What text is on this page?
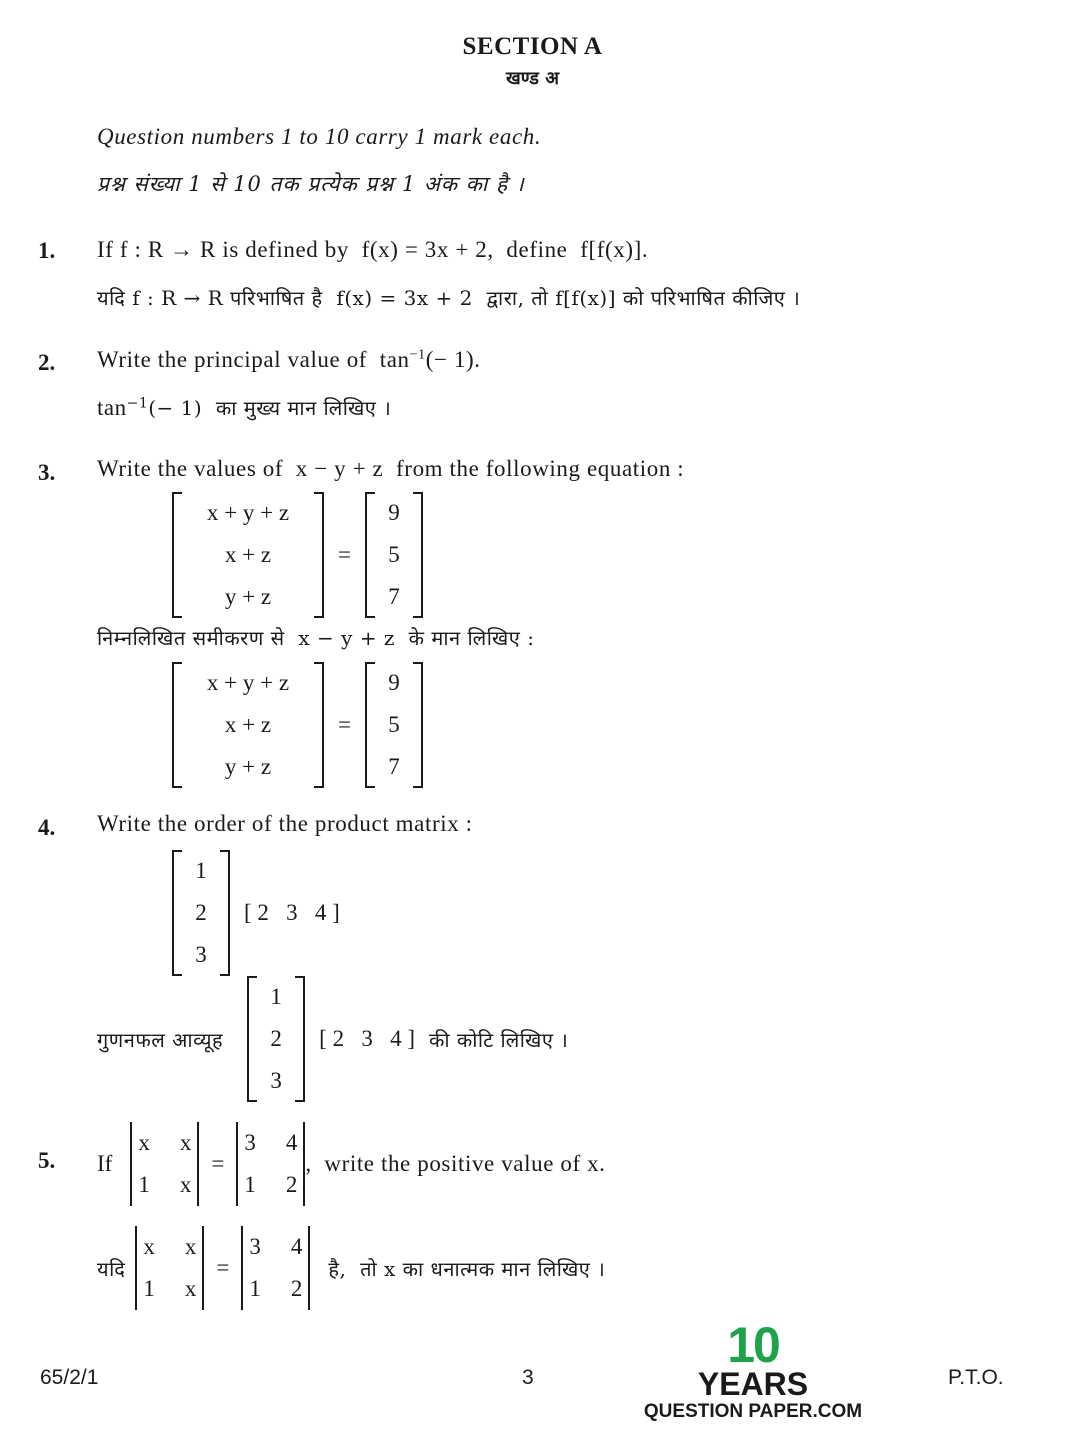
SECTION A
खण्ड अ
Question numbers 1 to 10 carry 1 mark each.
प्रश्न संख्या 1 से 10 तक प्रत्येक प्रश्न 1 अंक का है ।
1. If f : R → R is defined by  f(x) = 3x + 2,  define  f[f(x)].
यदि f : R → R परिभाषित है  f(x) = 3x + 2  द्वारा, तो f[f(x)] को परिभाषित कीजिए ।
2. Write the principal value of  $\tan^{-1}(- 1)$.
$\tan^{-1}(- 1)$  का मुख्य मान लिखिए ।
3. Write the values of  x − y + z  from the following equation :
x + y + z
x + z
y + z
=
9
5
7
निम्नलिखित समीकरण से  x − y + z  के मान लिखिए :
x + y + z
x + z
y + z
=
9
5
7
4. Write the order of the product matrix :
1
2
3
[ 2   3   4 ]
गुणनफल आव्यूह
1
2
3
[ 2   3   4 ] की कोटि लिखिए ।
5. If
x x
1 x
=
3 4
1 2
,  write the positive value of x.
यदि
x x
1 x
=
3 4
1 2
है,  तो x का धनात्मक मान लिखिए ।
65/2/1	3	P.T.O.
10
YEARS
QUESTION PAPER.COM
